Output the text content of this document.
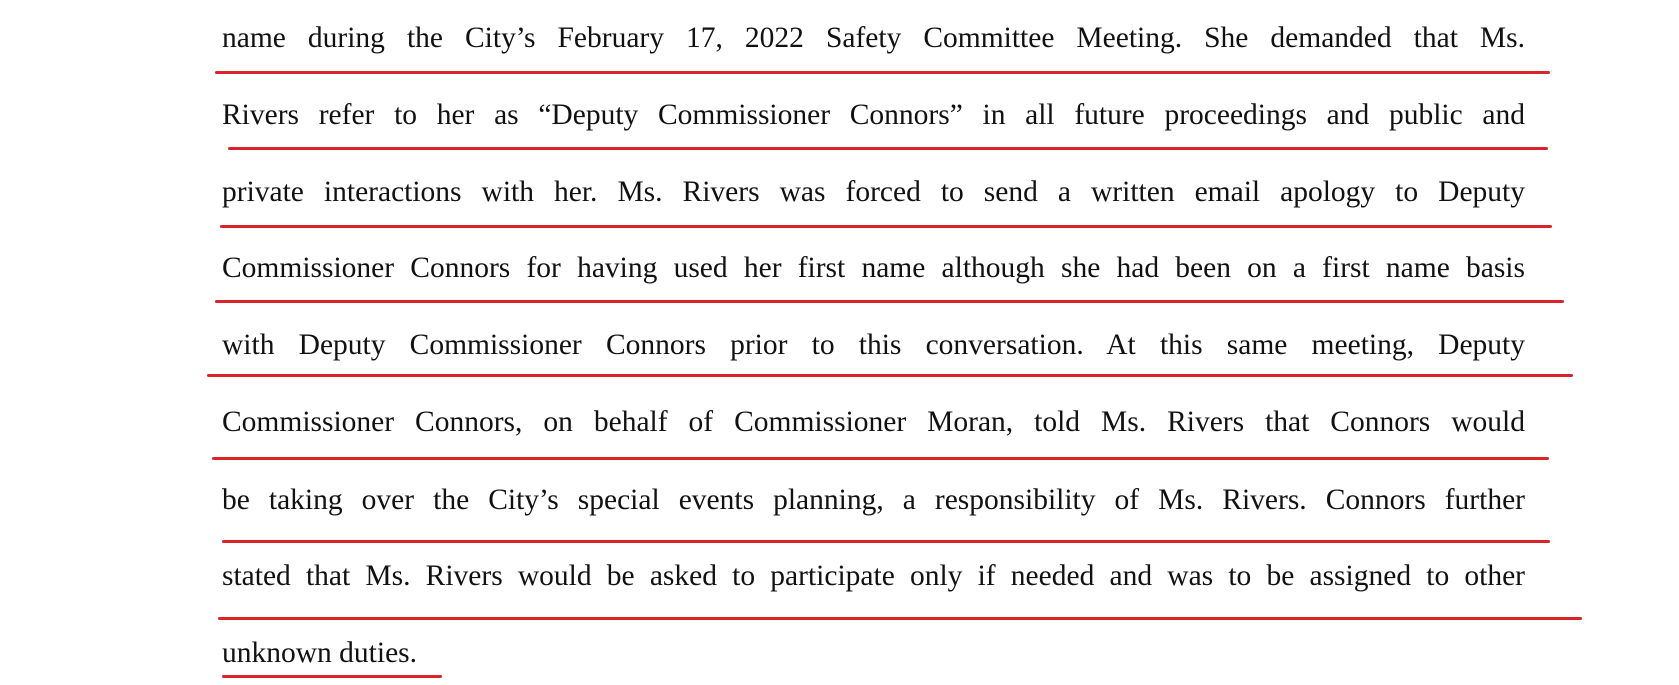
name during the City’s February 17, 2022 Safety Committee Meeting. She demanded that Ms.
Rivers refer to her as “Deputy Commissioner Connors” in all future proceedings and public and
private interactions with her. Ms. Rivers was forced to send a written email apology to Deputy
Commissioner Connors for having used her first name although she had been on a first name basis
with Deputy Commissioner Connors prior to this conversation. At this same meeting, Deputy
Commissioner Connors, on behalf of Commissioner Moran, told Ms. Rivers that Connors would
be taking over the City’s special events planning, a responsibility of Ms. Rivers. Connors further
stated that Ms. Rivers would be asked to participate only if needed and was to be assigned to other
unknown duties.
